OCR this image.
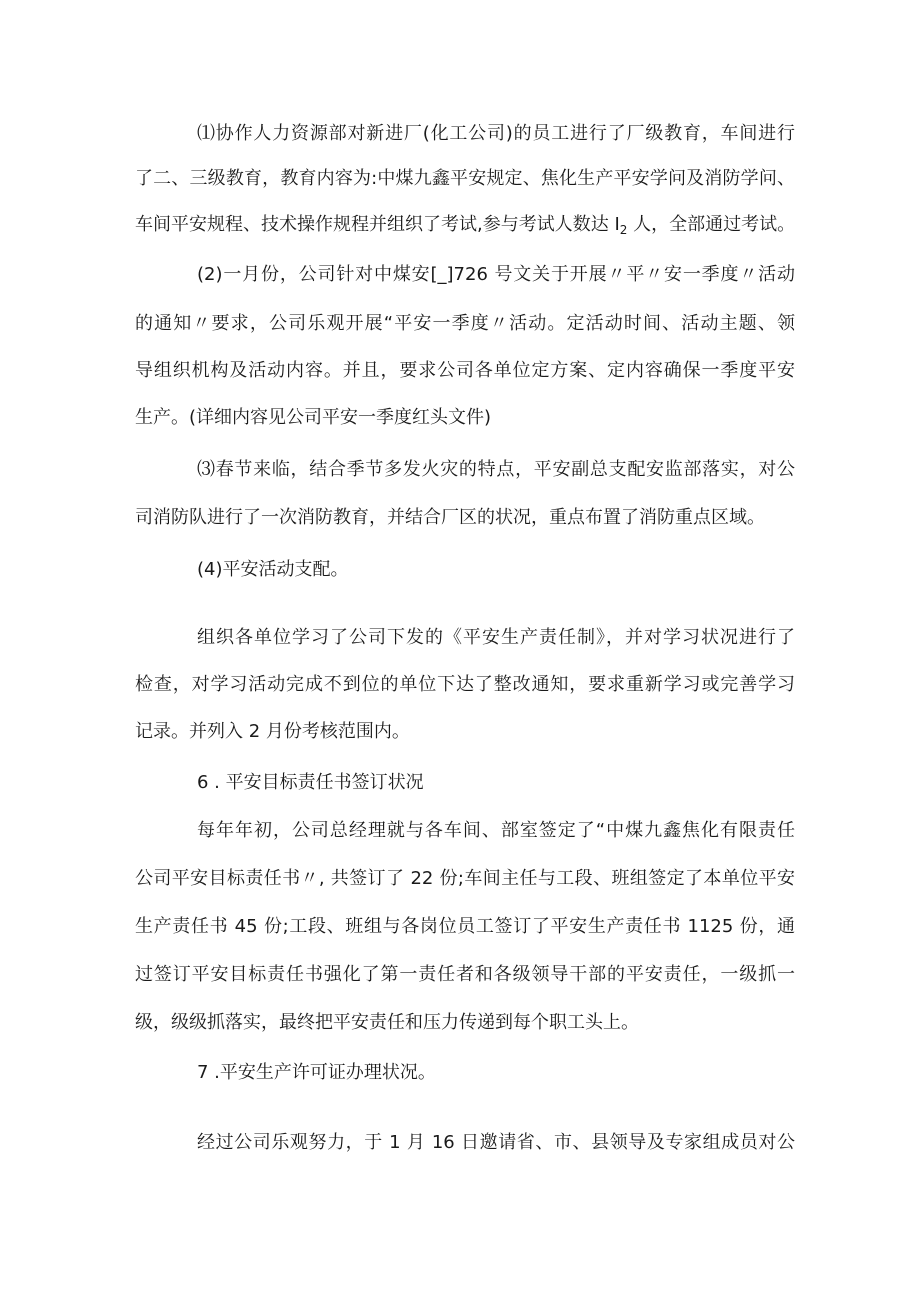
⑴协作人力资源部对新进厂(化工公司)的员工进行了厂级教育，车间进行
了二、三级教育，教育内容为:中煤九鑫平安规定、焦化生产平安学问及消防学问、
车间平安规程、技术操作规程并组织了考试,参与考试人数达 $I_2$ 人，全部通过考试。
(2)一月份，公司针对中煤安[_]726 号文关于开展〃平〃安一季度〃活动
的通知〃要求，公司乐观开展“平安一季度〃活动。定活动时间、活动主题、领
导组织机构及活动内容。并且，要求公司各单位定方案、定内容确保一季度平安
生产。(详细内容见公司平安一季度红头文件)
⑶春节来临，结合季节多发火灾的特点，平安副总支配安监部落实，对公
司消防队进行了一次消防教育，并结合厂区的状况，重点布置了消防重点区域。
(4)平安活动支配。
组织各单位学习了公司下发的《平安生产责任制》，并对学习状况进行了
检查，对学习活动完成不到位的单位下达了整改通知，要求重新学习或完善学习
记录。并列入 2 月份考核范围内。
6 . 平安目标责任书签订状况
每年年初，公司总经理就与各车间、部室签定了“中煤九鑫焦化有限责任
公司平安目标责任书〃, 共签订了 22 份;车间主任与工段、班组签定了本单位平安
生产责任书 45 份;工段、班组与各岗位员工签订了平安生产责任书 1125 份，通
过签订平安目标责任书强化了第一责任者和各级领导干部的平安责任，一级抓一
级，级级抓落实，最终把平安责任和压力传递到每个职工头上。
7 .平安生产许可证办理状况。
经过公司乐观努力，于 1 月 16 日邀请省、市、县领导及专家组成员对公
